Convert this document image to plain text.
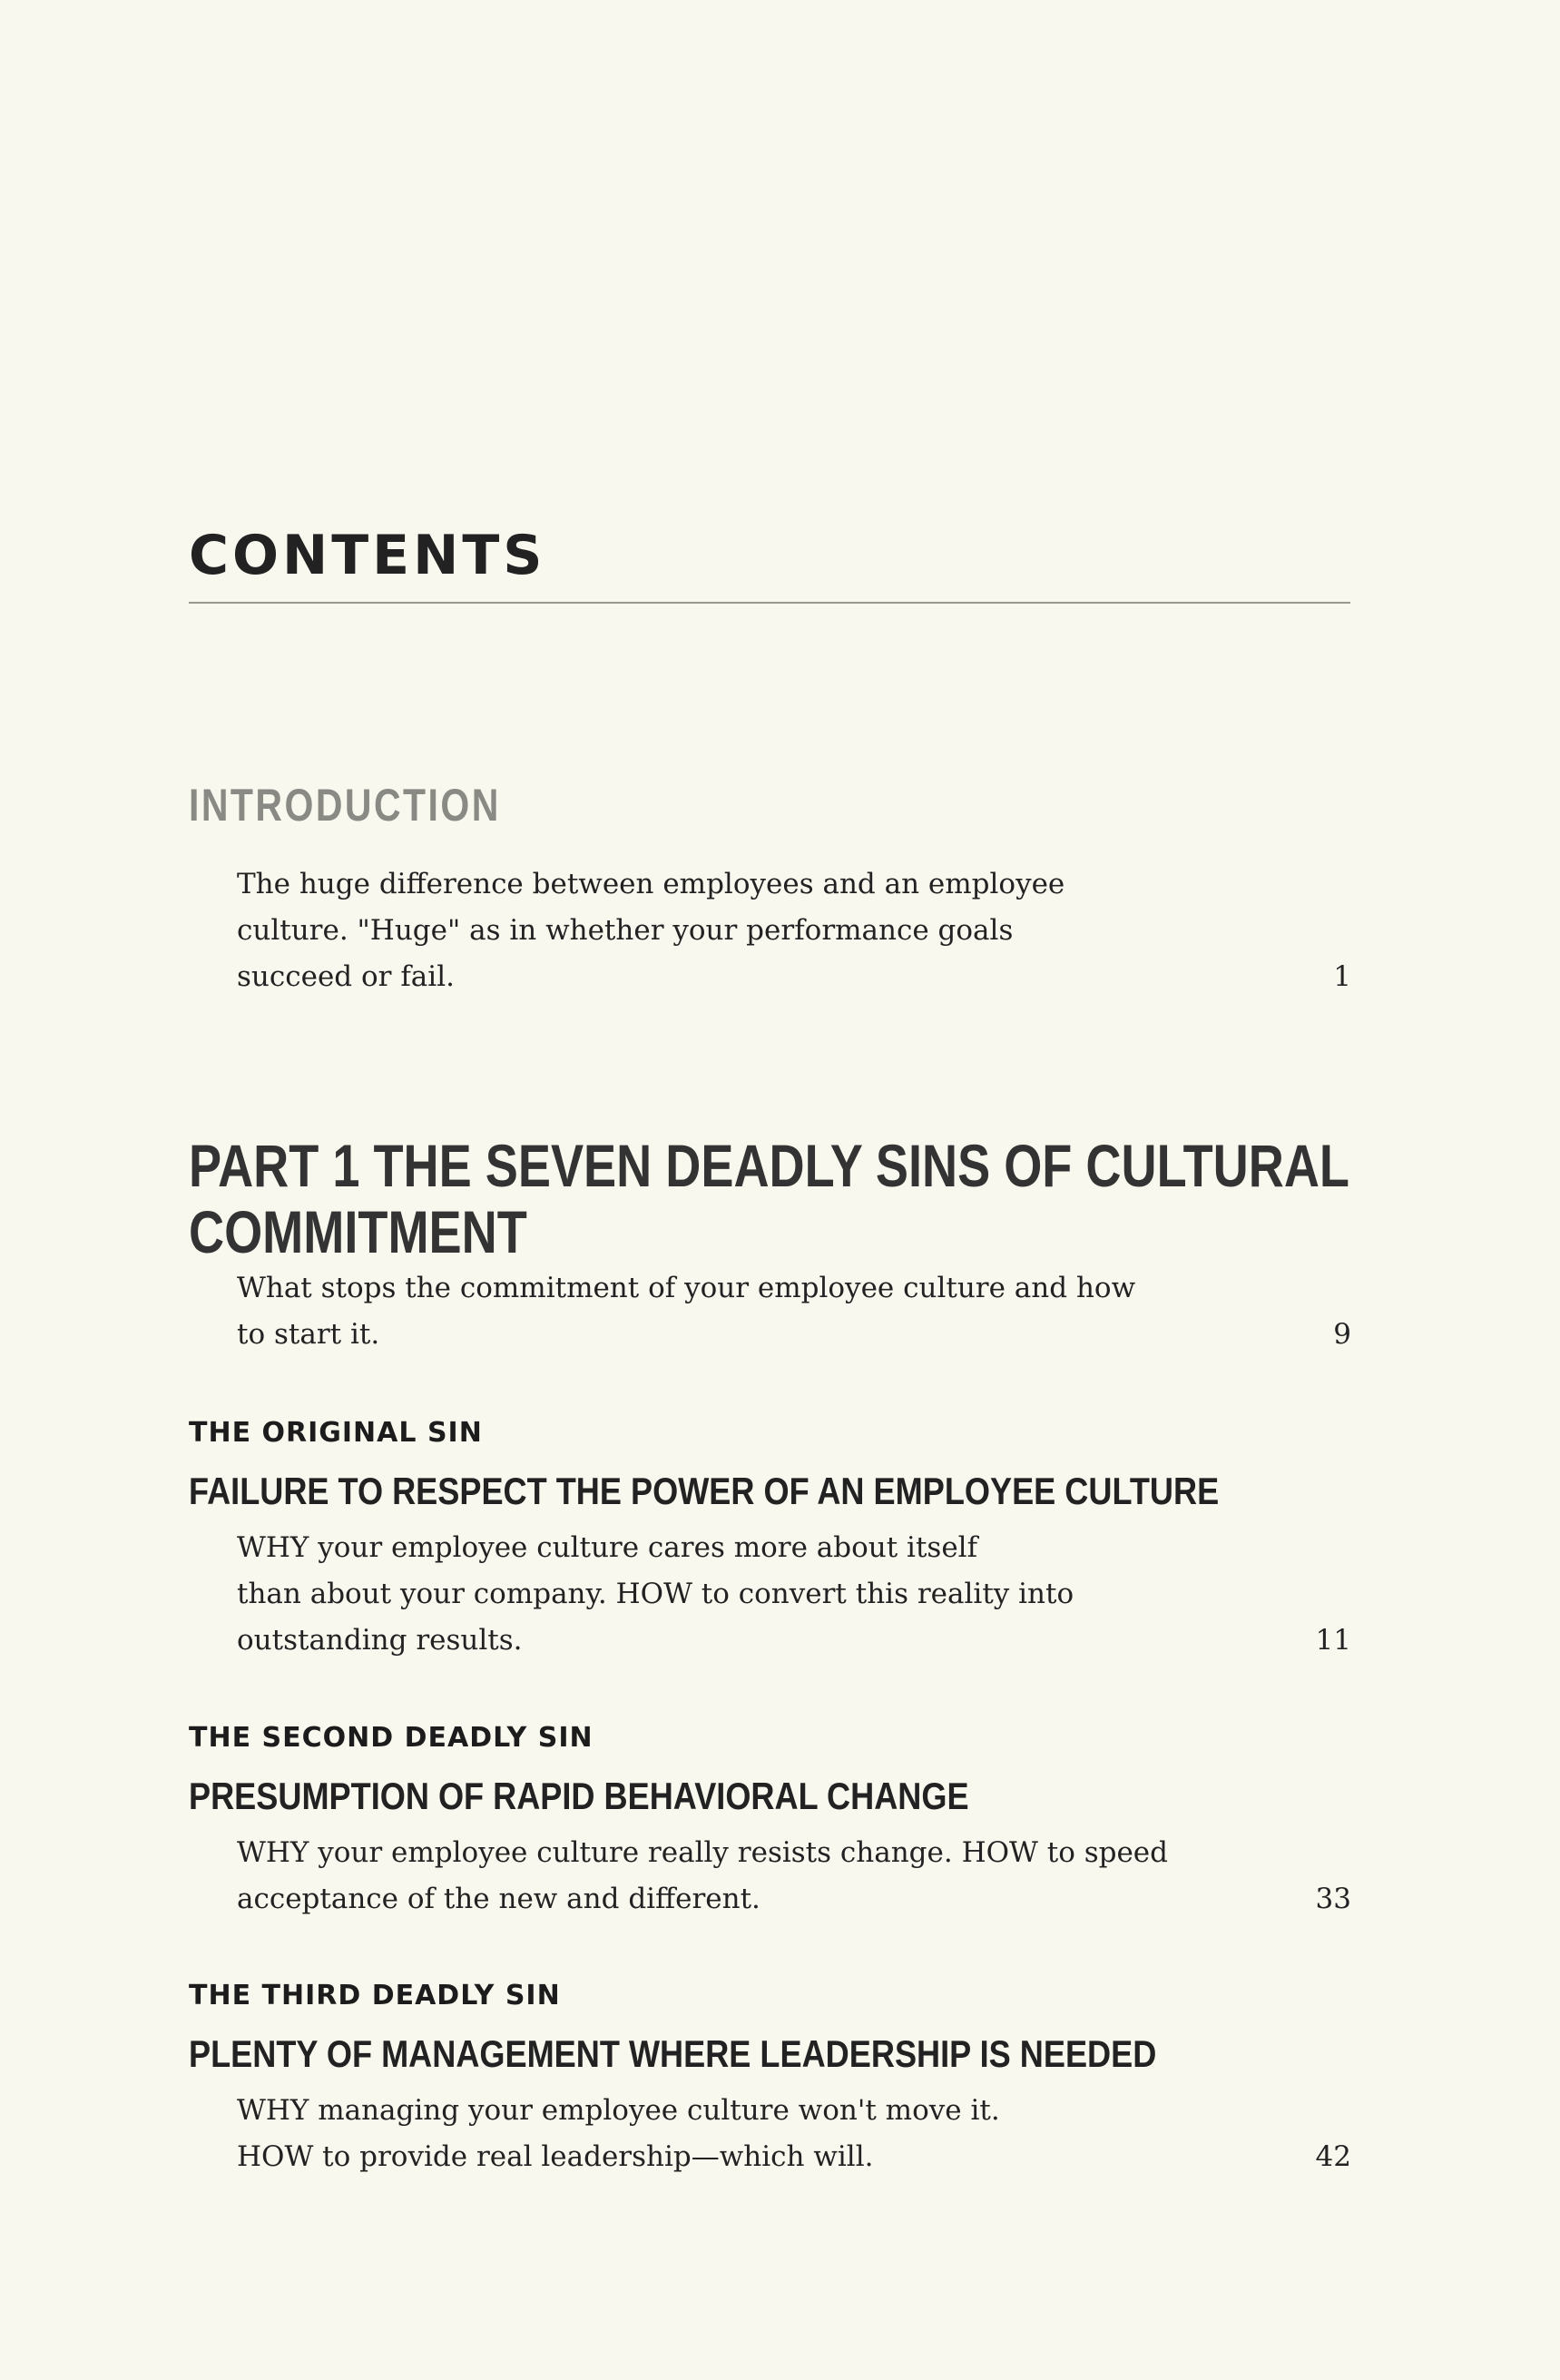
CONTENTS
INTRODUCTION

The huge difference between employees and an employee

culture. "Huge" as in whether your performance goals

succeed or fail.	1
PART 1 THE SEVEN DEADLY SINS OF CULTURAL
COMMITMENT

What stops the commitment of your employee culture and how

to start it.	9
THE ORIGINAL SIN
FAILURE TO RESPECT THE POWER OF AN EMPLOYEE CULTURE

WHY your employee culture cares more about itself

than about your company. HOW to convert this reality into

outstanding results.	11
THE SECOND DEADLY SIN
PRESUMPTION OF RAPID BEHAVIORAL CHANGE

WHY your employee culture really resists change. HOW to speed

acceptance of the new and different.	33
THE THIRD DEADLY SIN
PLENTY OF MANAGEMENT WHERE LEADERSHIP IS NEEDED

WHY managing your employee culture won't move it.

HOW to provide real leadership—which will.	42
